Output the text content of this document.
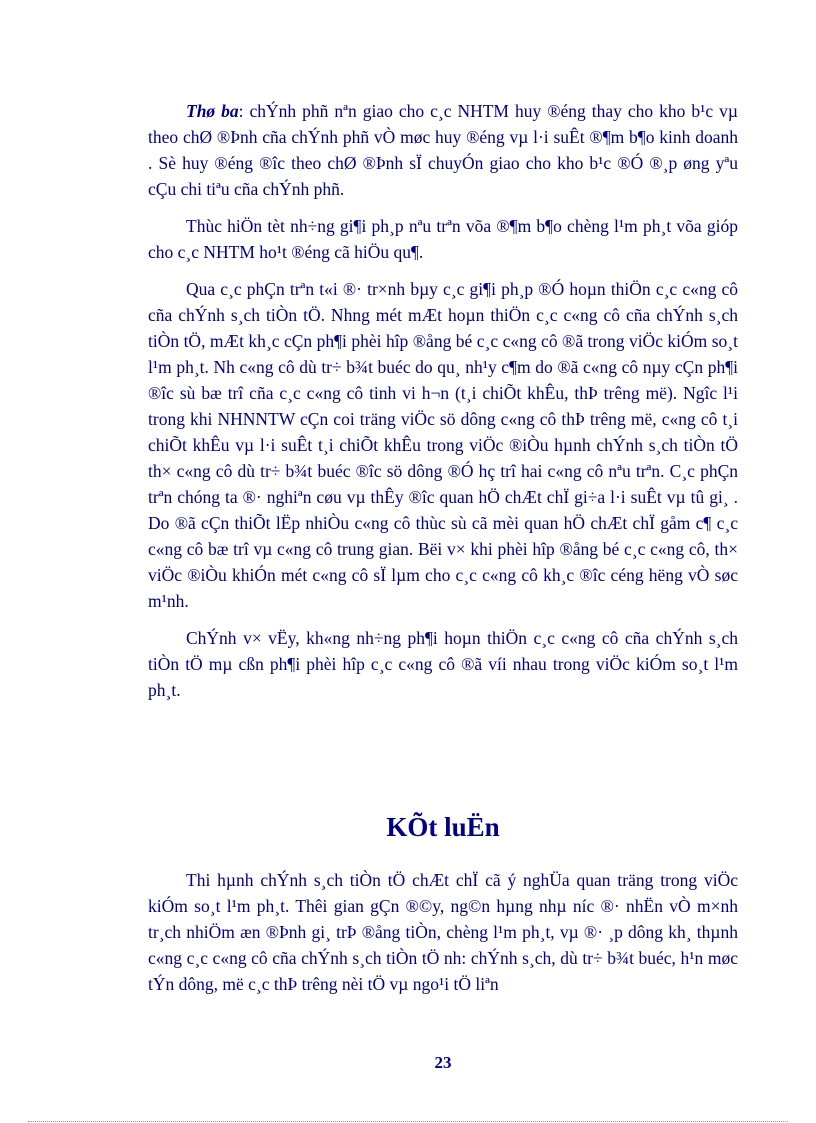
Thø ba: chÝnh phñ nªn giao cho c¸c NHTM huy ®éng thay cho kho b¹c vµ theo chØ ®Þnh cña chÝnh phñ vÒ møc huy ®éng vµ l·i suÊt ®¶m b¶o kinh doanh . Sè huy ®éng ®îc theo chØ ®Þnh sÏ chuyÓn giao cho kho b¹c ®Ó ®¸p øng yªu cÇu chi tiªu cña chÝnh phñ.

Thùc hiÖn tèt nh÷ng gi¶i ph¸p nªu trªn võa ®¶m b¶o chèng l¹m ph¸t võa gióp cho c¸c NHTM ho¹t ®éng cã hiÖu qu¶.

Qua c¸c phÇn trªn t«i ®· tr×nh bµy c¸c gi¶i ph¸p ®Ó hoµn thiÖn c¸c c«ng cô cña chÝnh s¸ch tiÒn tÖ. Nhng mét mÆt hoµn thiÖn c¸c c«ng cô cña chÝnh s¸ch tiÒn tÖ, mÆt kh¸c cÇn ph¶i phèi hîp ®ång bé c¸c c«ng cô ®ã trong viÖc kiÓm so¸t l¹m ph¸t. Nh c«ng cô dù tr÷ b¾t buéc do qu¸ nh¹y c¶m do ®ã c«ng cô nµy cÇn ph¶i ®îc sù bæ trî cña c¸c c«ng cô tinh vi h¬n (t¸i chiÕt khÊu, thÞ trêng më). Ngîc l¹i trong khi NHNNTW cÇn coi träng viÖc sö dông c«ng cô thÞ trêng më, c«ng cô t¸i chiÕt khÊu vµ l·i suÊt t¸i chiÕt khÊu trong viÖc ®iÒu hµnh chÝnh s¸ch tiÒn tÖ th× c«ng cô dù tr÷ b¾t buéc ®îc sö dông ®Ó hç trî hai c«ng cô nªu trªn. C¸c phÇn trªn chóng ta ®· nghiªn cøu vµ thÊy ®îc quan hÖ chÆt chÏ gi÷a l·i suÊt vµ tû gi¸ . Do ®ã cÇn thiÕt lËp nhiÒu c«ng cô thùc sù cã mèi quan hÖ chÆt chÏ gåm c¶ c¸c c«ng cô bæ trî vµ c«ng cô trung gian. Bëi v× khi phèi hîp ®ång bé c¸c c«ng cô, th× viÖc ®iÒu khiÓn mét c«ng cô sÏ lµm cho c¸c c«ng cô kh¸c ®îc céng hëng vÒ søc m¹nh.

ChÝnh v× vËy, kh«ng nh÷ng ph¶i hoµn thiÖn c¸c c«ng cô cña chÝnh s¸ch tiÒn tÖ mµ cßn ph¶i phèi hîp c¸c c«ng cô ®ã víi nhau trong viÖc kiÓm so¸t l¹m ph¸t.

KÕt luËn

Thi hµnh chÝnh s¸ch tiÒn tÖ chÆt chÏ cã ý nghÜa quan träng trong viÖc kiÓm so¸t l¹m ph¸t. Thêi gian gÇn ®©y, ng©n hµng nhµ níc ®· nhËn vÒ m×nh tr¸ch nhiÖm æn ®Þnh gi¸ trÞ ®ång tiÒn, chèng l¹m ph¸t, vµ ®· ¸p dông kh¸ thµnh c«ng c¸c c«ng cô cña chÝnh s¸ch tiÒn tÖ nh: chÝnh s¸ch, dù tr÷ b¾t buéc, h¹n møc tÝn dông, më c¸c thÞ trêng nèi tÖ vµ ngo¹i tÖ liªn

23
